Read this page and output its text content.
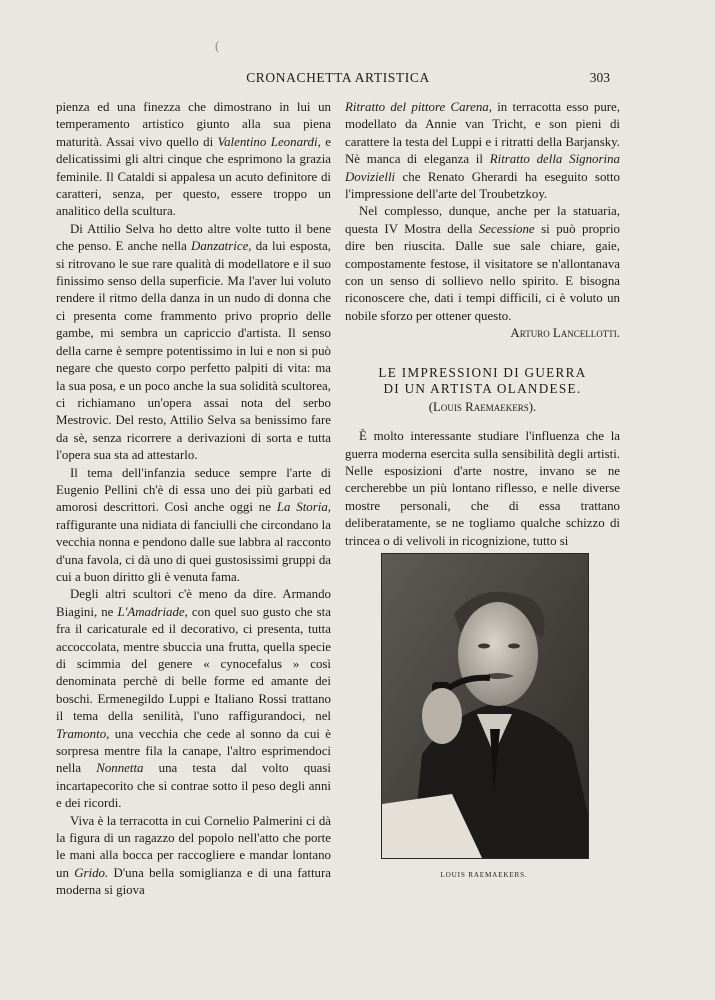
(
CRONACHETTA ARTISTICA	303

pienza ed una finezza che dimostrano in lui un temperamento artistico giunto alla sua piena maturità. Assai vivo quello di Valentino Leonardi, e delicatissimi gli altri cinque che esprimono la grazia feminile. Il Cataldi si appalesa un acuto definitore di caratteri, senza, per questo, essere troppo un analitico della scultura.

Di Attilio Selva ho detto altre volte tutto il bene che penso. E anche nella Danzatrice, da lui esposta, si ritrovano le sue rare qualità di modellatore e il suo finissimo senso della superficie. Ma l'aver lui voluto rendere il ritmo della danza in un nudo di donna che ci presenta come frammento privo proprio delle gambe, mi sembra un capriccio d'artista. Il senso della carne è sempre potentissimo in lui e non si può negare che questo corpo perfetto palpiti di vita: ma la sua posa, e un poco anche la sua solidità scultorea, ci richiamano un'opera assai nota del serbo Mestrovic. Del resto, Attilio Selva sa benissimo fare da sè, senza ricorrere a derivazioni di sorta e tutta l'opera sua sta ad attestarlo.

Il tema dell'infanzia seduce sempre l'arte di Eugenio Pellini ch'è di essa uno dei più garbati ed amorosi descrittori. Così anche oggi ne La Storia, raffigurante una nidiata di fanciulli che circondano la vecchia nonna e pendono dalle sue labbra al racconto d'una favola, ci dà uno di quei gustosissimi gruppi da cui a buon diritto gli è venuta fama.

Degli altri scultori c'è meno da dire. Armando Biagini, ne L'Amadriade, con quel suo gusto che sta fra il caricaturale ed il decorativo, ci presenta, tutta accoccolata, mentre sbuccia una frutta, quella specie di scimmia del genere « cynocefalus » così denominata perchè di belle forme ed amante dei boschi. Ermenegildo Luppi e Italiano Rossi trattano il tema della senilità, l'uno raffigurandoci, nel Tramonto, una vecchia che cede al sonno da cui è sorpresa mentre fila la canape, l'altro esprimendoci nella Nonnetta una testa dal volto quasi incartapecorito che si contrae sotto il peso degli anni e dei ricordi.

Viva è la terracotta in cui Cornelio Palmerini ci dà la figura di un ragazzo del popolo nell'atto che porte le mani alla bocca per raccogliere e mandar lontano un Grido. D'una bella somiglianza e di una fattura moderna si giova

Ritratto del pittore Carena, in terracotta esso pure, modellato da Annie van Tricht, e son pieni di carattere la testa del Luppi e i ritratti della Barjansky. Nè manca di eleganza il Ritratto della Signorina Dovizielli che Renato Gherardi ha eseguito sotto l'impressione dell'arte del Troubetzkoy.

Nel complesso, dunque, anche per la statuaria, questa IV Mostra della Secessione si può proprio dire ben riuscita. Dalle sue sale chiare, gaie, compostamente festose, il visitatore se n'allontanava con un senso di sollievo nello spirito. E bisogna riconoscere che, dati i tempi difficili, ci è voluto un nobile sforzo per ottener questo.

Arturo Lancellotti.

LE IMPRESSIONI DI GUERRA
DI UN ARTISTA OLANDESE.
(Louis Raemaekers).

È molto interessante studiare l'influenza che la guerra moderna esercita sulla sensibilità degli artisti. Nelle esposizioni d'arte nostre, invano se ne cercherebbe un più lontano riflesso, e nelle diverse mostre personali, che di essa trattano deliberatamente, se ne togliamo qualche schizzo di trincea o di velivoli in ricognizione, tutto si

LOUIS RAEMAEKERS.
